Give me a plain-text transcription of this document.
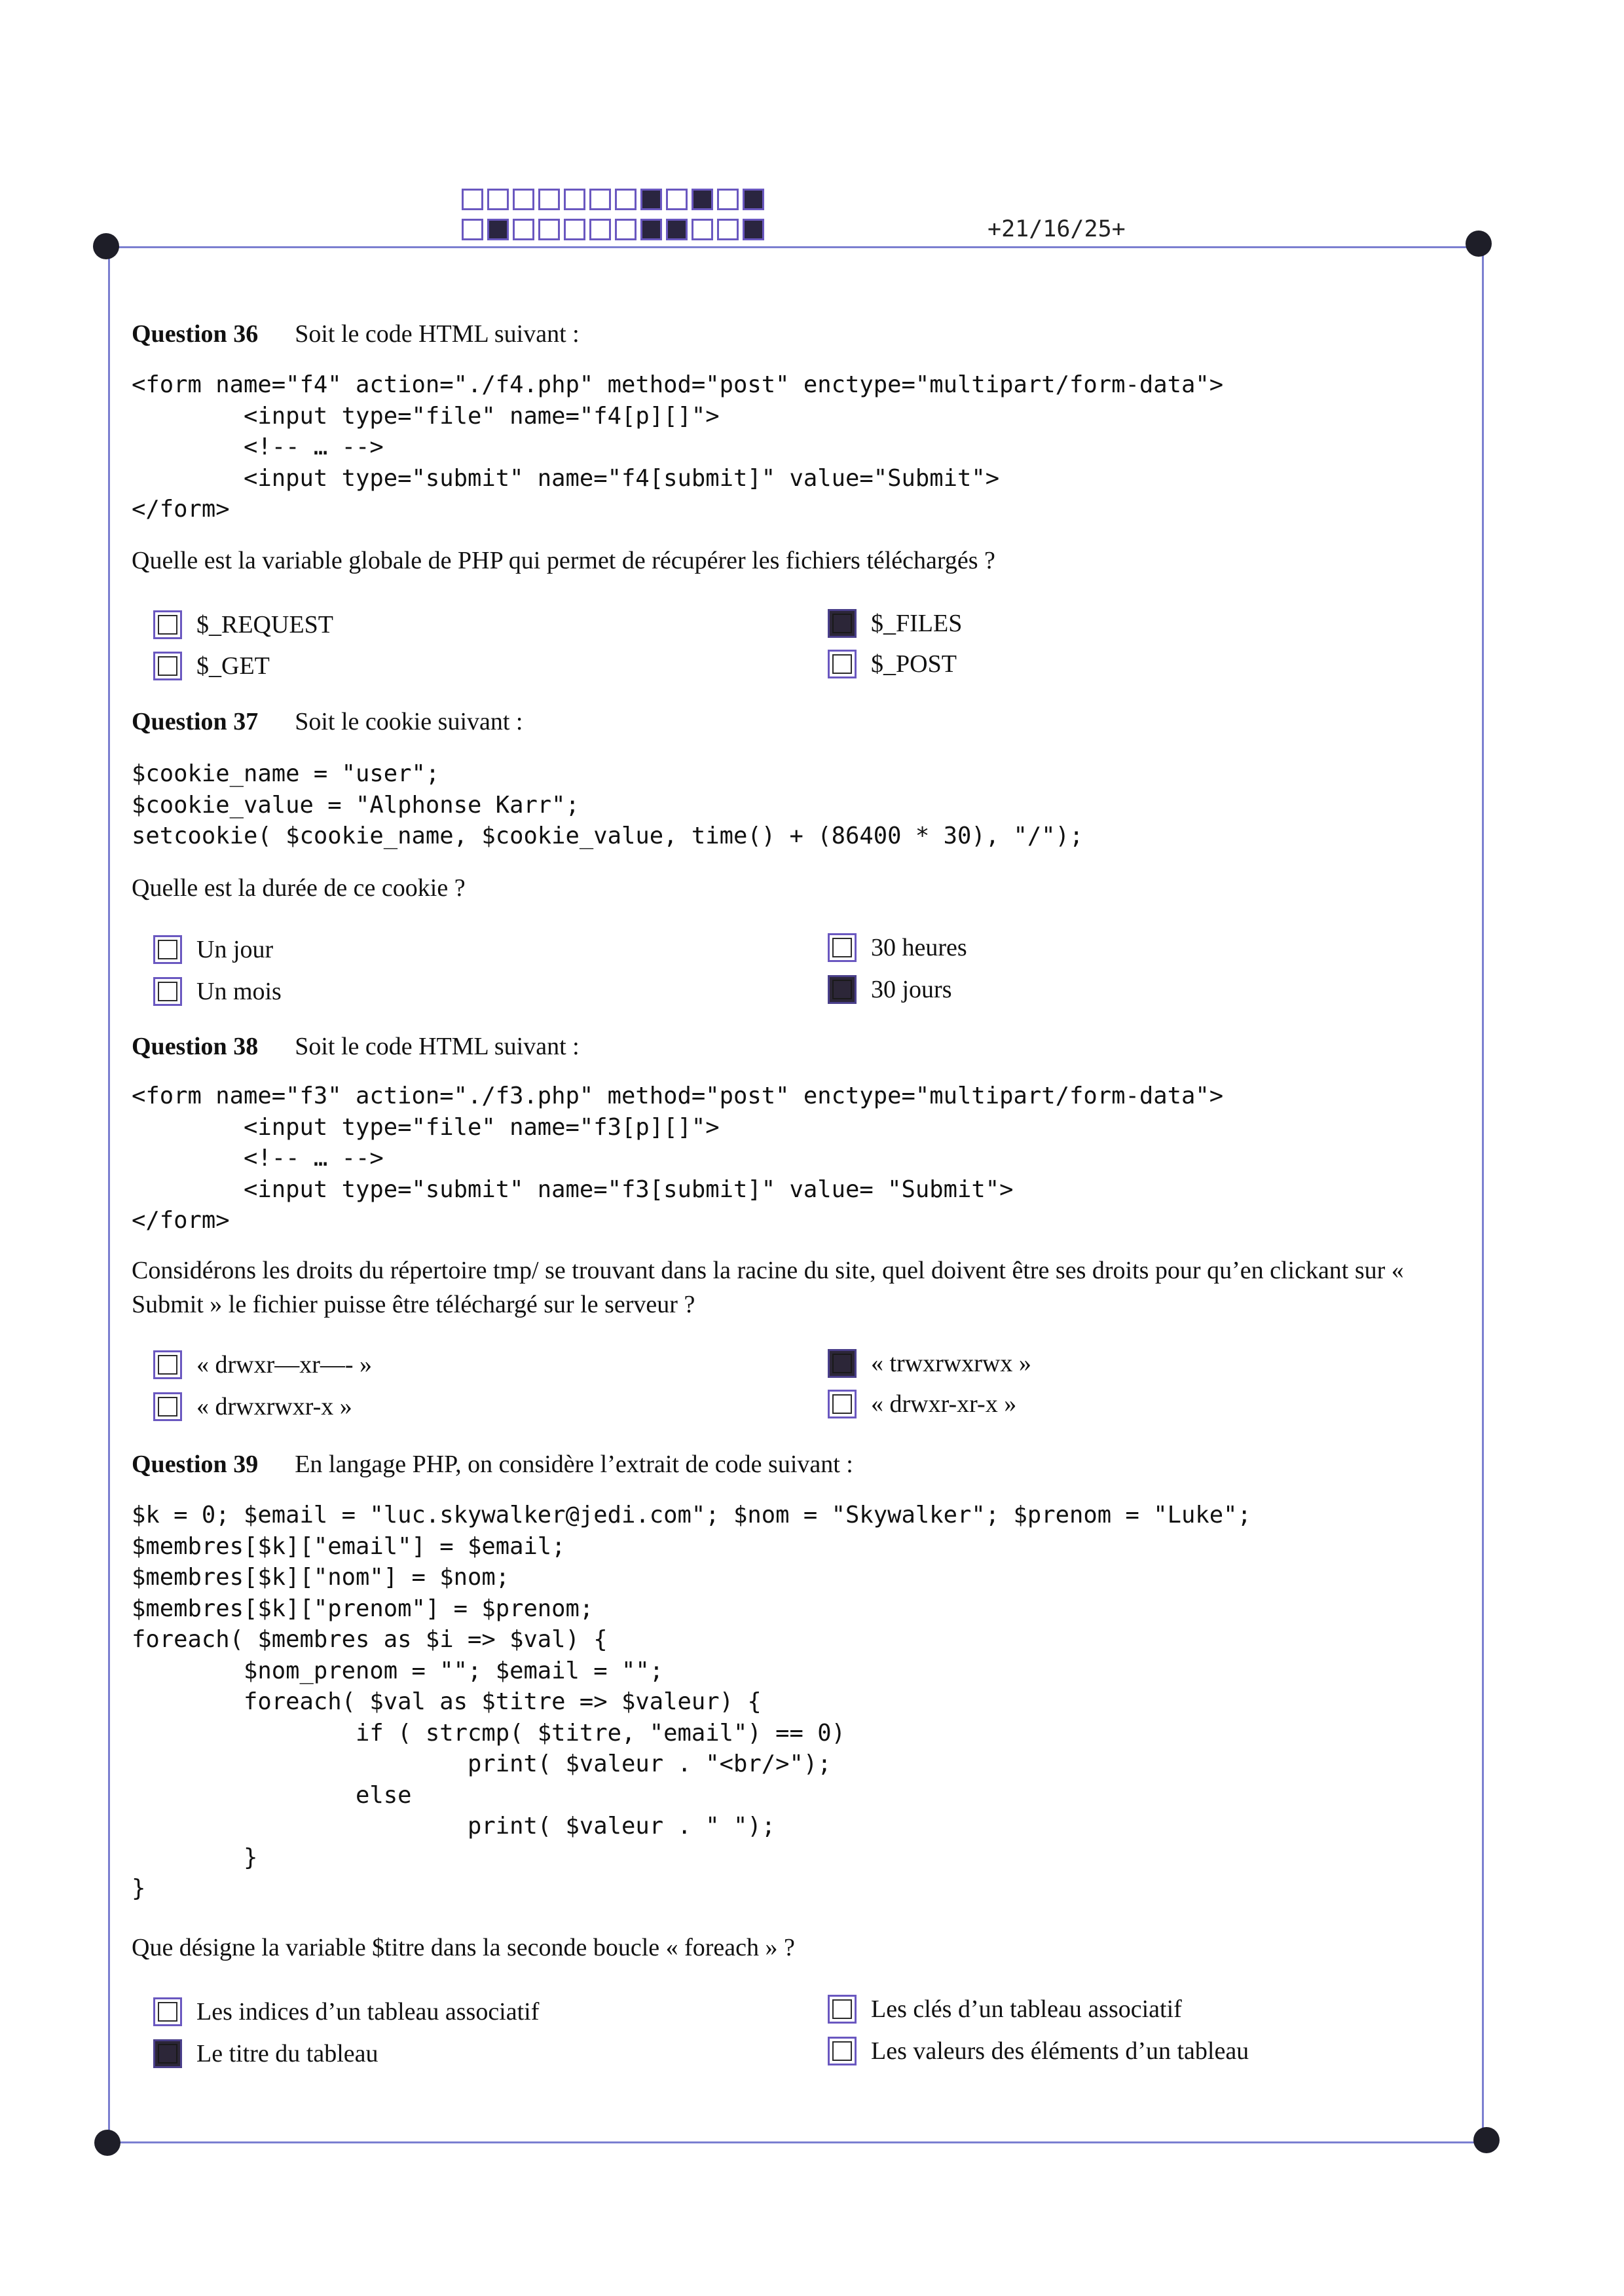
+21/16/25+
Question 36 Soit le code HTML suivant :
<form name="f4" action="./f4.php" method="post" enctype="multipart/form-data">
<input type="file" name="f4[p][]">
<!-- … -->
<input type="submit" name="f4[submit]" value="Submit">
</form>
Quelle est la variable globale de PHP qui permet de récupérer les fichiers téléchargés ?
$_REQUEST	$_FILES
$_GET	$_POST
Question 37 Soit le cookie suivant :
$cookie_name = "user";
$cookie_value = "Alphonse Karr";
setcookie( $cookie_name, $cookie_value, time() + (86400 * 30), "/");
Quelle est la durée de ce cookie ?
Un jour	30 heures
Un mois	30 jours
Question 38 Soit le code HTML suivant :
<form name="f3" action="./f3.php" method="post" enctype="multipart/form-data">
<input type="file" name="f3[p][]">
<!-- … -->
<input type="submit" name="f3[submit]" value= "Submit">
</form>
Considérons les droits du répertoire tmp/ se trouvant dans la racine du site, quel doivent être ses droits pour qu’en clickant sur « Submit » le fichier puisse être téléchargé sur le serveur ?
« drwxr—xr—- »	« trwxrwxrwx »
« drwxrwxr-x »	« drwxr-xr-x »
Question 39 En langage PHP, on considère l’extrait de code suivant :
$k = 0; $email = "luc.skywalker@jedi.com"; $nom = "Skywalker"; $prenom = "Luke";
$membres[$k]["email"] = $email;
$membres[$k]["nom"] = $nom;
$membres[$k]["prenom"] = $prenom;
foreach( $membres as $i => $val) {
$nom_prenom = ""; $email = "";
foreach( $val as $titre => $valeur) {
if ( strcmp( $titre, "email") == 0)
print( $valeur . "<br/>");
else
print( $valeur . " ");
}
}
Que désigne la variable $titre dans la seconde boucle « foreach » ?
Les indices d’un tableau associatif	Les clés d’un tableau associatif
Le titre du tableau	Les valeurs des éléments d’un tableau
